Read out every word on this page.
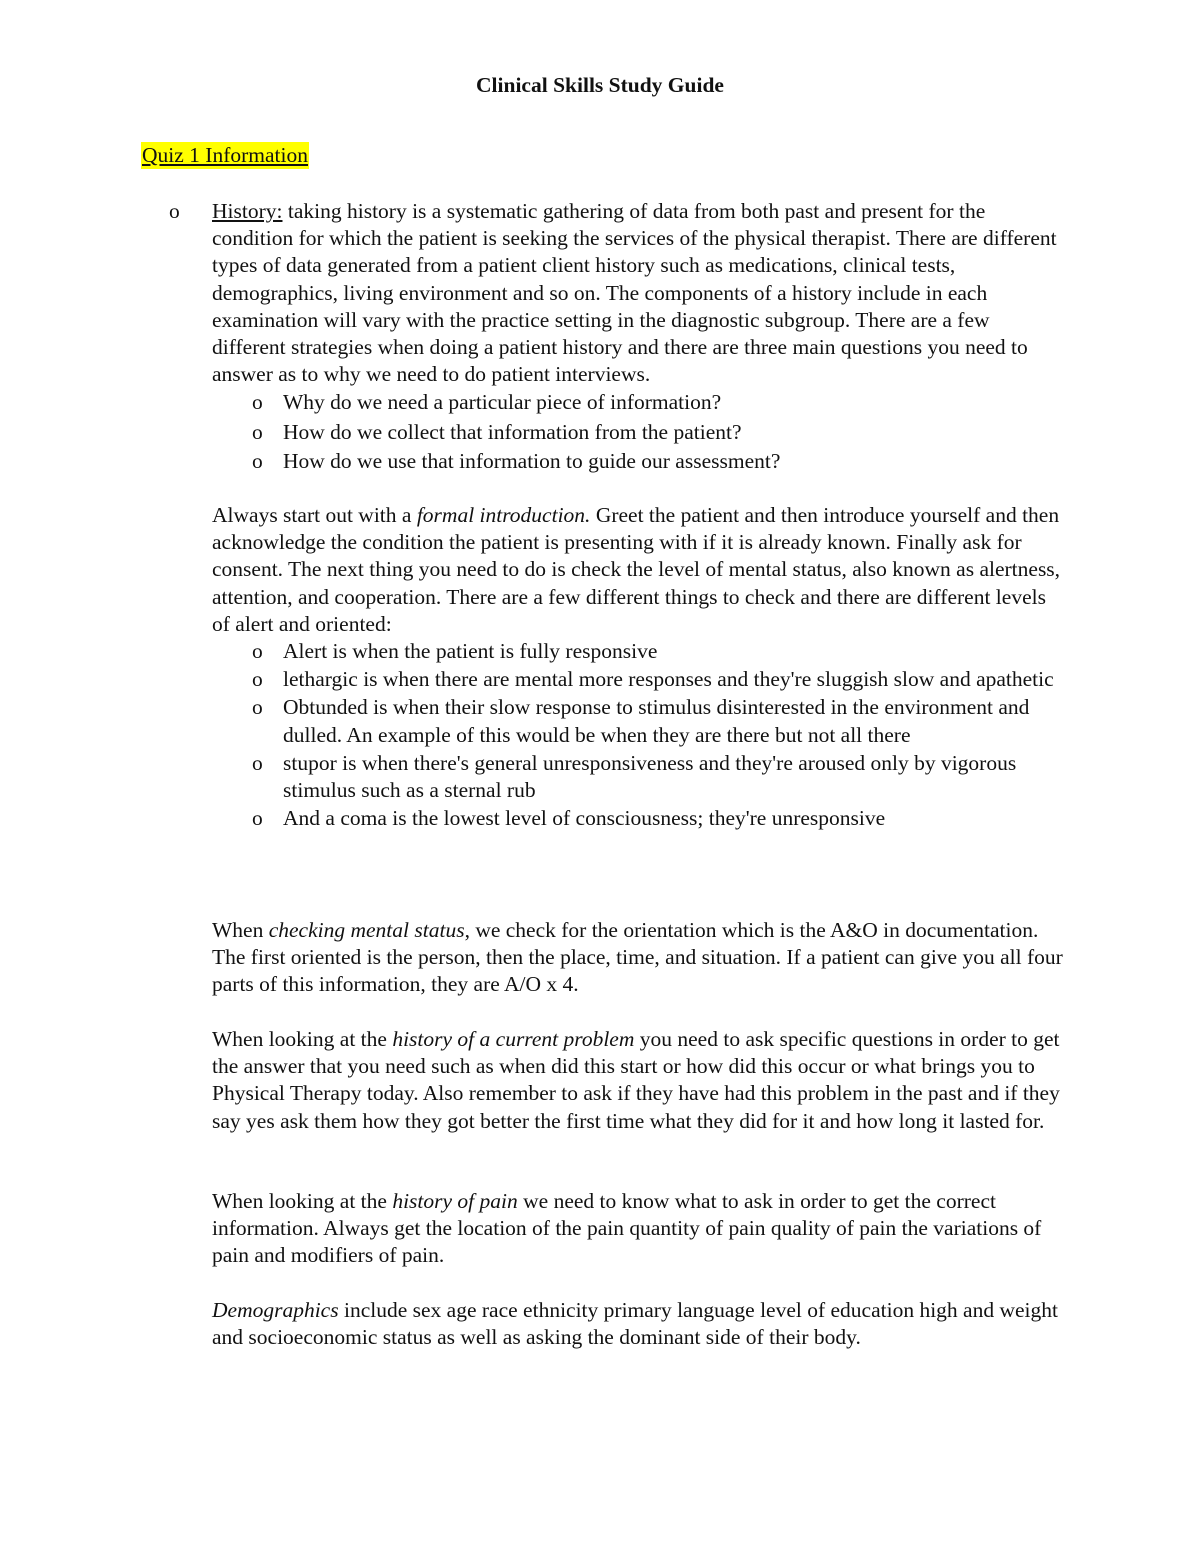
Clinical Skills Study Guide
Quiz 1 Information
o History: taking history is a systematic gathering of data from both past and present for the condition for which the patient is seeking the services of the physical therapist. There are different types of data generated from a patient client history such as medications, clinical tests, demographics, living environment and so on. The components of a history include in each examination will vary with the practice setting in the diagnostic subgroup. There are a few different strategies when doing a patient history and there are three main questions you need to answer as to why we need to do patient interviews.
o Why do we need a particular piece of information?
o How do we collect that information from the patient?
o How do we use that information to guide our assessment?
Always start out with a formal introduction. Greet the patient and then introduce yourself and then acknowledge the condition the patient is presenting with if it is already known. Finally ask for consent. The next thing you need to do is check the level of mental status, also known as alertness, attention, and cooperation. There are a few different things to check and there are different levels of alert and oriented:
o Alert is when the patient is fully responsive
o lethargic is when there are mental more responses and they're sluggish slow and apathetic
o Obtunded is when their slow response to stimulus disinterested in the environment and dulled. An example of this would be when they are there but not all there
o stupor is when there's general unresponsiveness and they're aroused only by vigorous stimulus such as a sternal rub
o And a coma is the lowest level of consciousness; they're unresponsive
When checking mental status, we check for the orientation which is the A&O in documentation. The first oriented is the person, then the place, time, and situation. If a patient can give you all four parts of this information, they are A/O x 4.
When looking at the history of a current problem you need to ask specific questions in order to get the answer that you need such as when did this start or how did this occur or what brings you to Physical Therapy today. Also remember to ask if they have had this problem in the past and if they say yes ask them how they got better the first time what they did for it and how long it lasted for.
When looking at the history of pain we need to know what to ask in order to get the correct information. Always get the location of the pain quantity of pain quality of pain the variations of pain and modifiers of pain.
Demographics include sex age race ethnicity primary language level of education high and weight and socioeconomic status as well as asking the dominant side of their body.
